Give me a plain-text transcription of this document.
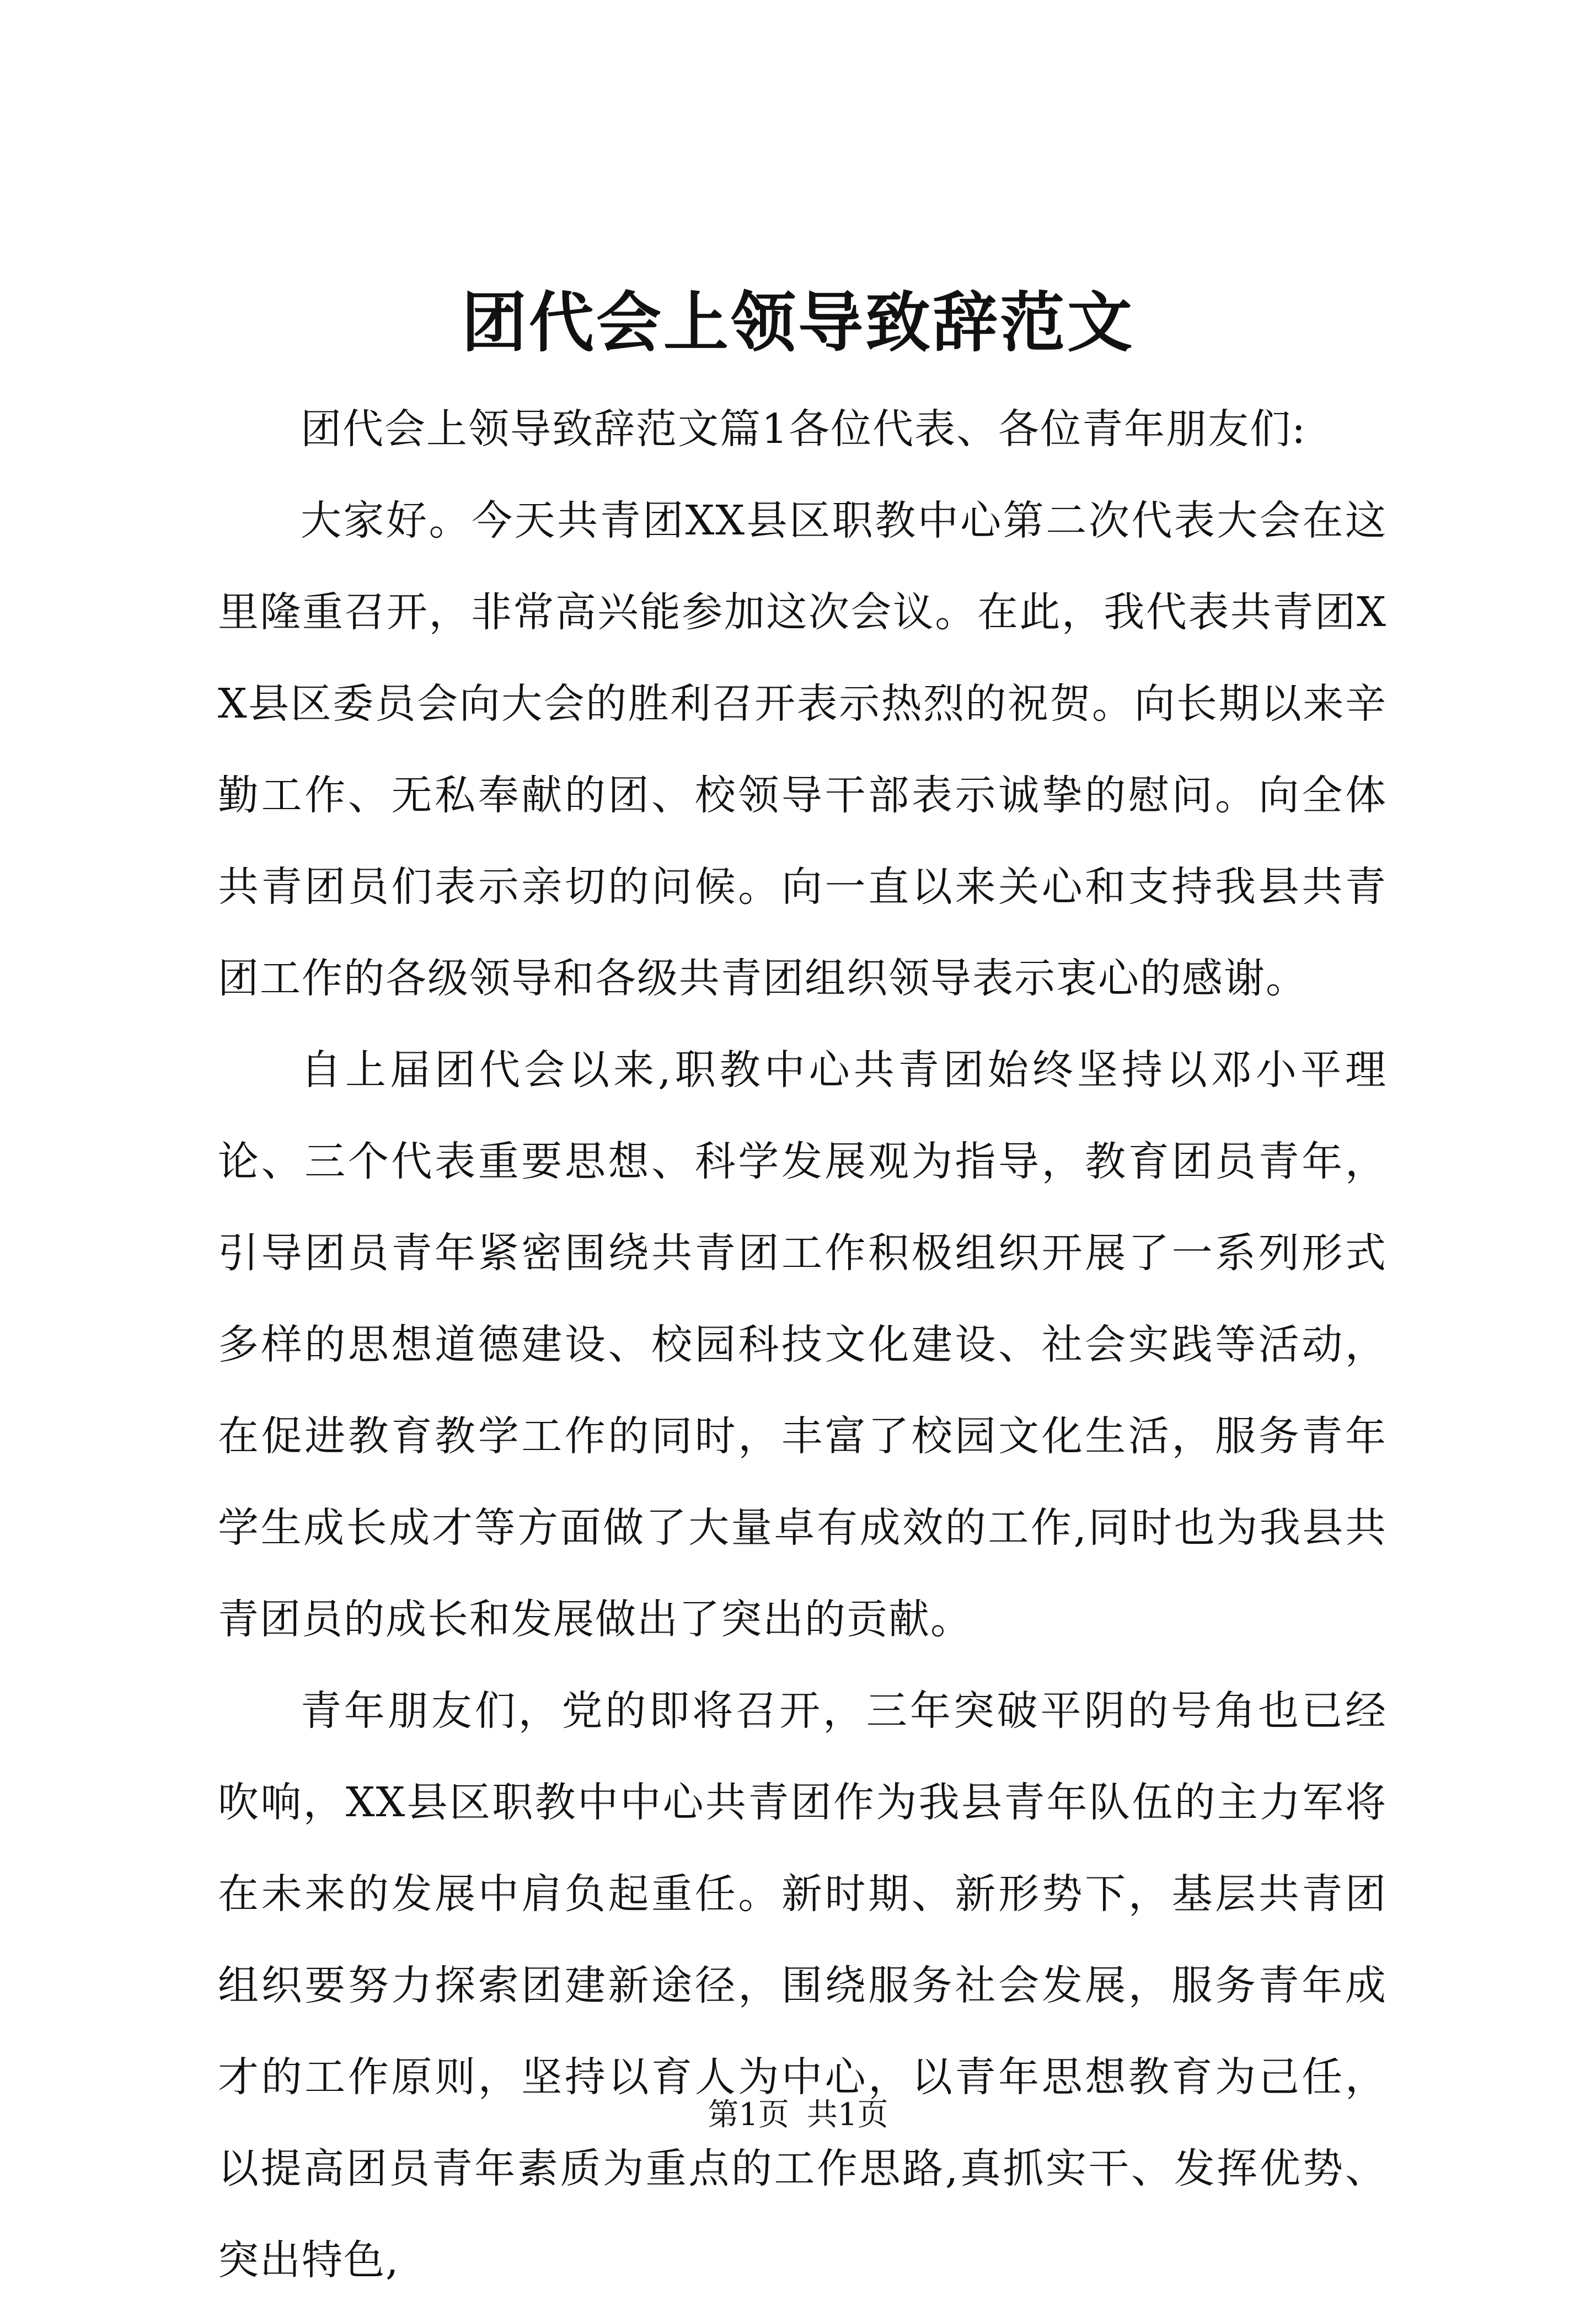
团代会上领导致辞范文

团代会上领导致辞范文篇1各位代表、各位青年朋友们:

大家好。今天共青团XX县区职教中心第二次代表大会在这里隆重召开，非常高兴能参加这次会议。在此，我代表共青团XX县区委员会向大会的胜利召开表示热烈的祝贺。向长期以来辛勤工作、无私奉献的团、校领导干部表示诚挚的慰问。向全体共青团员们表示亲切的问候。向一直以来关心和支持我县共青团工作的各级领导和各级共青团组织领导表示衷心的感谢。

自上届团代会以来,职教中心共青团始终坚持以邓小平理论、三个代表重要思想、科学发展观为指导，教育团员青年，引导团员青年紧密围绕共青团工作积极组织开展了一系列形式多样的思想道德建设、校园科技文化建设、社会实践等活动，在促进教育教学工作的同时，丰富了校园文化生活，服务青年学生成长成才等方面做了大量卓有成效的工作,同时也为我县共青团员的成长和发展做出了突出的贡献。

青年朋友们，党的即将召开，三年突破平阴的号角也已经吹响，XX县区职教中中心共青团作为我县青年队伍的主力军将在未来的发展中肩负起重任。新时期、新形势下，基层共青团组织要努力探索团建新途径，围绕服务社会发展，服务青年成才的工作原则，坚持以育人为中心，以青年思想教育为己任，以提高团员青年素质为重点的工作思路,真抓实干、发挥优势、突出特色,

第1页 共1页
